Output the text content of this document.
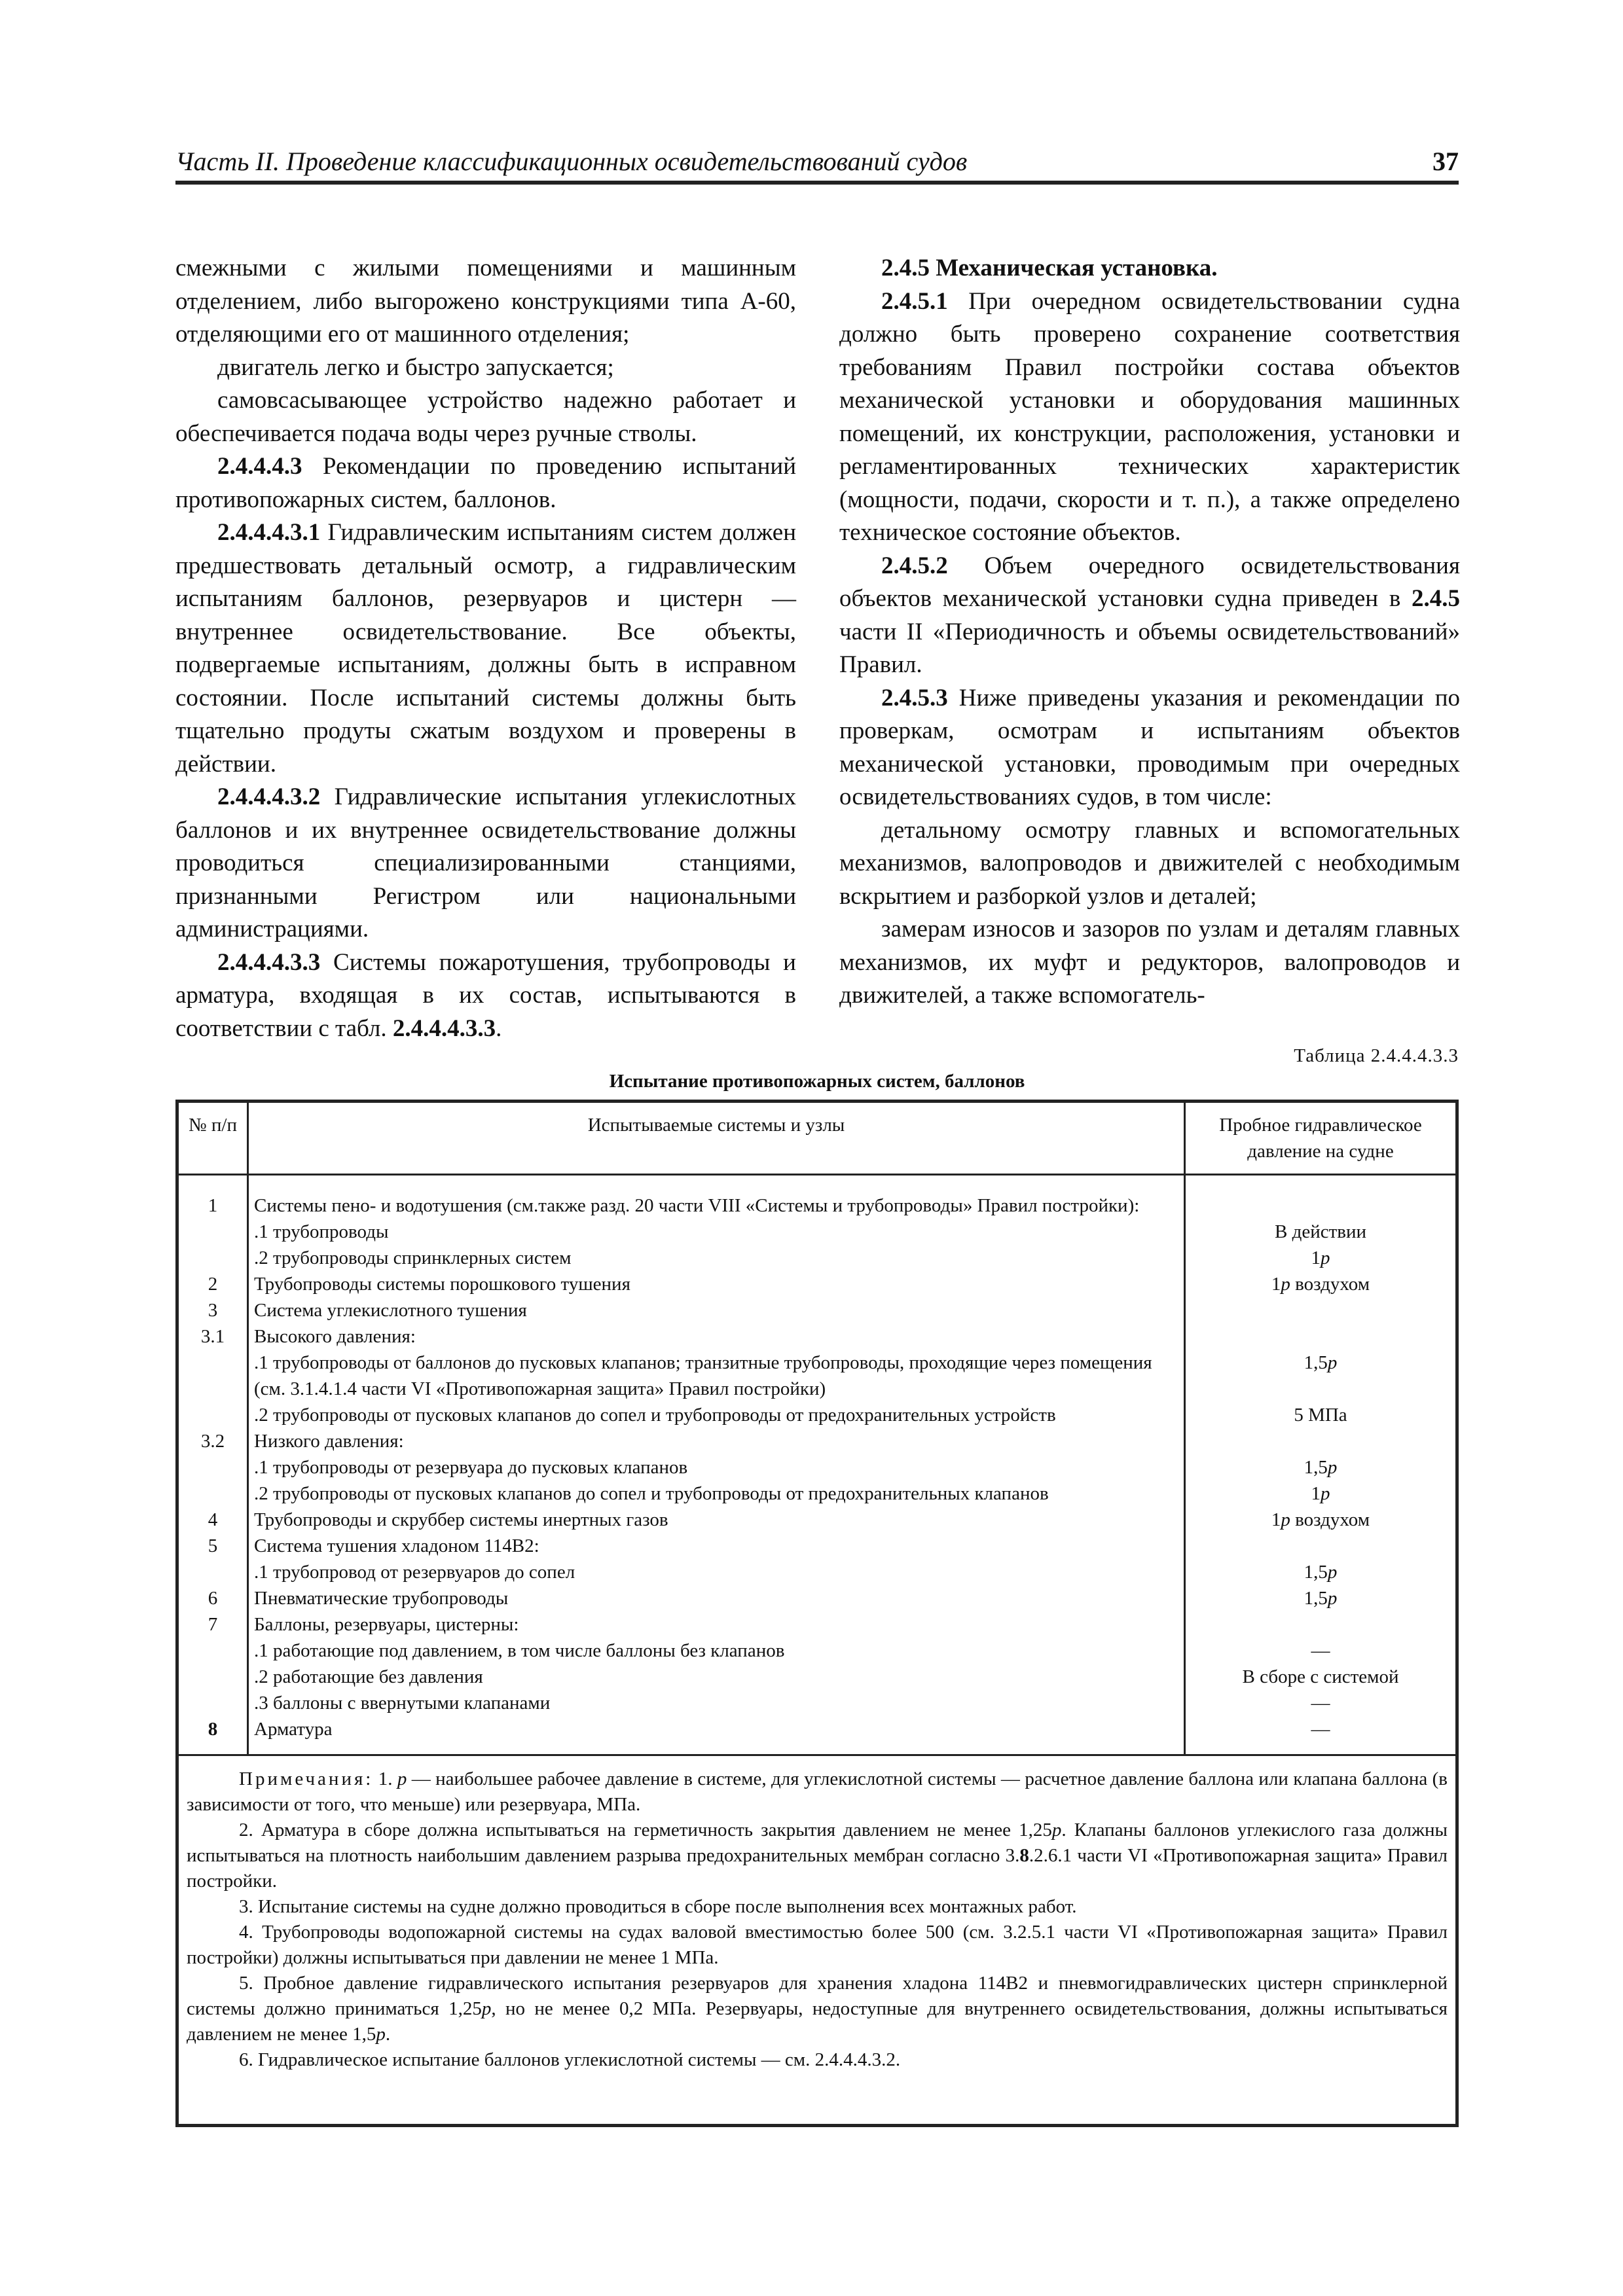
Часть II. Проведение классификационных освидетельствований судов	37

смежными с жилыми помещениями и машинным отделением, либо выгорожено конструкциями типа А-60, отделяющими его от машинного отделения;

двигатель легко и быстро запускается;

самовсасывающее устройство надежно работает и обеспечивается подача воды через ручные стволы.

2.4.4.4.3 Рекомендации по проведению испытаний противопожарных систем, баллонов.

2.4.4.4.3.1 Гидравлическим испытаниям систем должен предшествовать детальный осмотр, а гидравлическим испытаниям баллонов, резервуаров и цистерн — внутреннее освидетельствование. Все объекты, подвергаемые испытаниям, должны быть в исправном состоянии. После испытаний системы должны быть тщательно продуты сжатым воздухом и проверены в действии.

2.4.4.4.3.2 Гидравлические испытания углекислотных баллонов и их внутреннее освидетельствование должны проводиться специализированными станциями, признанными Регистром или национальными администрациями.

2.4.4.4.3.3 Системы пожаротушения, трубопроводы и арматура, входящая в их состав, испытываются в соответствии с табл. 2.4.4.4.3.3.

2.4.5 Механическая установка.

2.4.5.1 При очередном освидетельствовании судна должно быть проверено сохранение соответствия требованиям Правил постройки состава объектов механической установки и оборудования машинных помещений, их конструкции, расположения, установки и регламентированных технических характеристик (мощности, подачи, скорости и т. п.), а также определено техническое состояние объектов.

2.4.5.2 Объем очередного освидетельствования объектов механической установки судна приведен в 2.4.5 части II «Периодичность и объемы освидетельствований» Правил.

2.4.5.3 Ниже приведены указания и рекомендации по проверкам, осмотрам и испытаниям объектов механической установки, проводимым при очередных освидетельствованиях судов, в том числе:

детальному осмотру главных и вспомогательных механизмов, валопроводов и движителей с необходимым вскрытием и разборкой узлов и деталей;

замерам износов и зазоров по узлам и деталям главных механизмов, их муфт и редукторов, валопроводов и движителей, а также вспомогатель-

Таблица 2.4.4.4.3.3
Испытание противопожарных систем, баллонов
№ п/п	Испытываемые системы и узлы	Пробное гидравлическое давление на судне
1	Системы пено- и водотушения (см.также разд. 20 части VIII «Системы и трубопроводы» Правил постройки):	
	.1 трубопроводы	В действии
	.2 трубопроводы спринклерных систем	1p
2	Трубопроводы системы порошкового тушения	1p воздухом
3	Система углекислотного тушения	
3.1	Высокого давления:	
	.1 трубопроводы от баллонов до пусковых клапанов; транзитные трубопроводы, проходящие через помещения (см. 3.1.4.1.4 части VI «Противопожарная защита» Правил постройки)	1,5p
	.2 трубопроводы от пусковых клапанов до сопел и трубопроводы от предохранительных устройств	5 МПа
3.2	Низкого давления:	
	.1 трубопроводы от резервуара до пусковых клапанов	1,5p
	.2 трубопроводы от пусковых клапанов до сопел и трубопроводы от предохранительных клапанов	1p
4	Трубопроводы и скруббер системы инертных газов	1p воздухом
5	Система тушения хладоном 114В2:	
	.1 трубопровод от резервуаров до сопел	1,5p
6	Пневматические трубопроводы	1,5p
7	Баллоны, резервуары, цистерны:	
	.1 работающие под давлением, в том числе баллоны без клапанов	—
	.2 работающие без давления	В сборе с системой
	.3 баллоны с ввернутыми клапанами	—
8	Арматура	—

Примечания: 1. p — наибольшее рабочее давление в системе, для углекислотной системы — расчетное давление баллона или клапана баллона (в зависимости от того, что меньше) или резервуара, МПа.

2. Арматура в сборе должна испытываться на герметичность закрытия давлением не менее 1,25p. Клапаны баллонов углекислого газа должны испытываться на плотность наибольшим давлением разрыва предохранительных мембран согласно 3.8.2.6.1 части VI «Противопожарная защита» Правил постройки.

3. Испытание системы на судне должно проводиться в сборе после выполнения всех монтажных работ.

4. Трубопроводы водопожарной системы на судах валовой вместимостью более 500 (см. 3.2.5.1 части VI «Противопожарная защита» Правил постройки) должны испытываться при давлении не менее 1 МПа.

5. Пробное давление гидравлического испытания резервуаров для хранения хладона 114В2 и пневмогидравлических цистерн спринклерной системы должно приниматься 1,25p, но не менее 0,2 МПа. Резервуары, недоступные для внутреннего освидетельствования, должны испытываться давлением не менее 1,5p.

6. Гидравлическое испытание баллонов углекислотной системы — см. 2.4.4.4.3.2.
